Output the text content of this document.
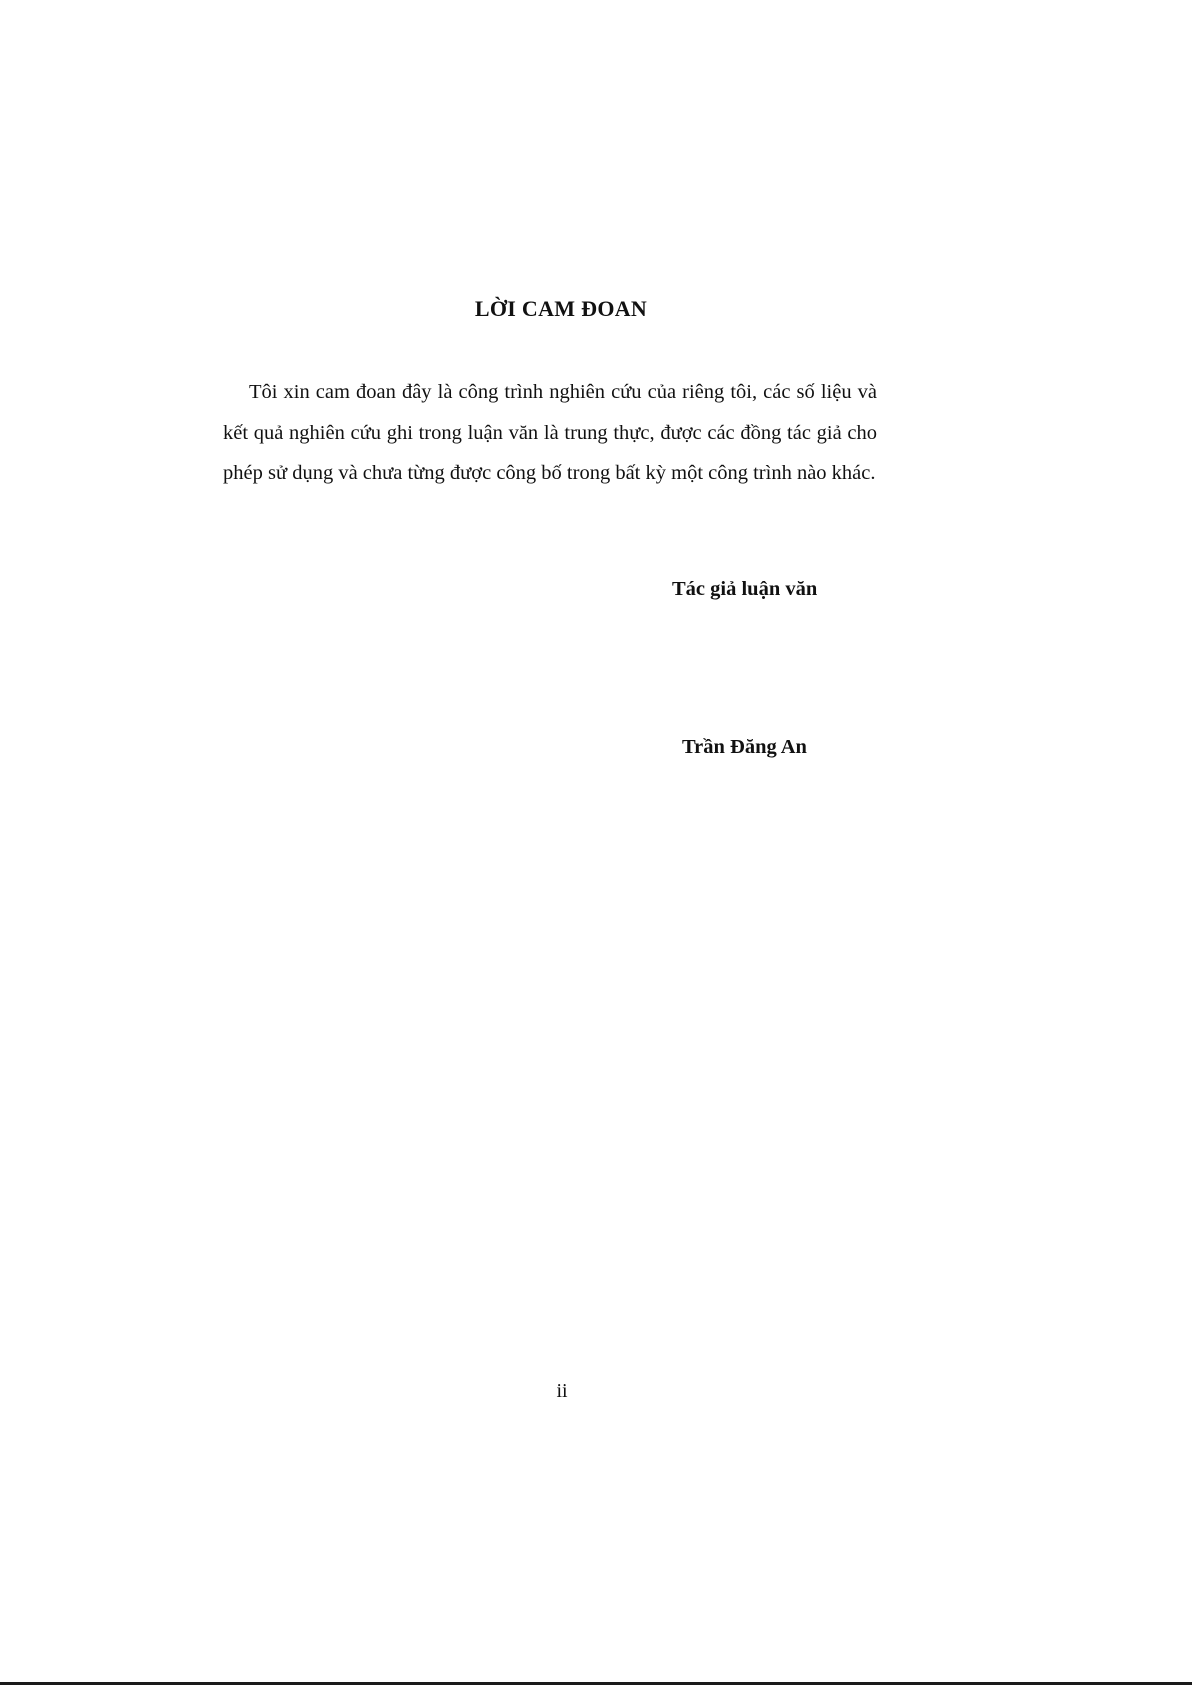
LỜI CAM ĐOAN

Tôi xin cam đoan đây là công trình nghiên cứu của riêng tôi, các số liệu và kết quả nghiên cứu ghi trong luận văn là trung thực, được các đồng tác giả cho phép sử dụng và chưa từng được công bố trong bất kỳ một công trình nào khác.

Tác giả luận văn

Trần Đăng An

ii
